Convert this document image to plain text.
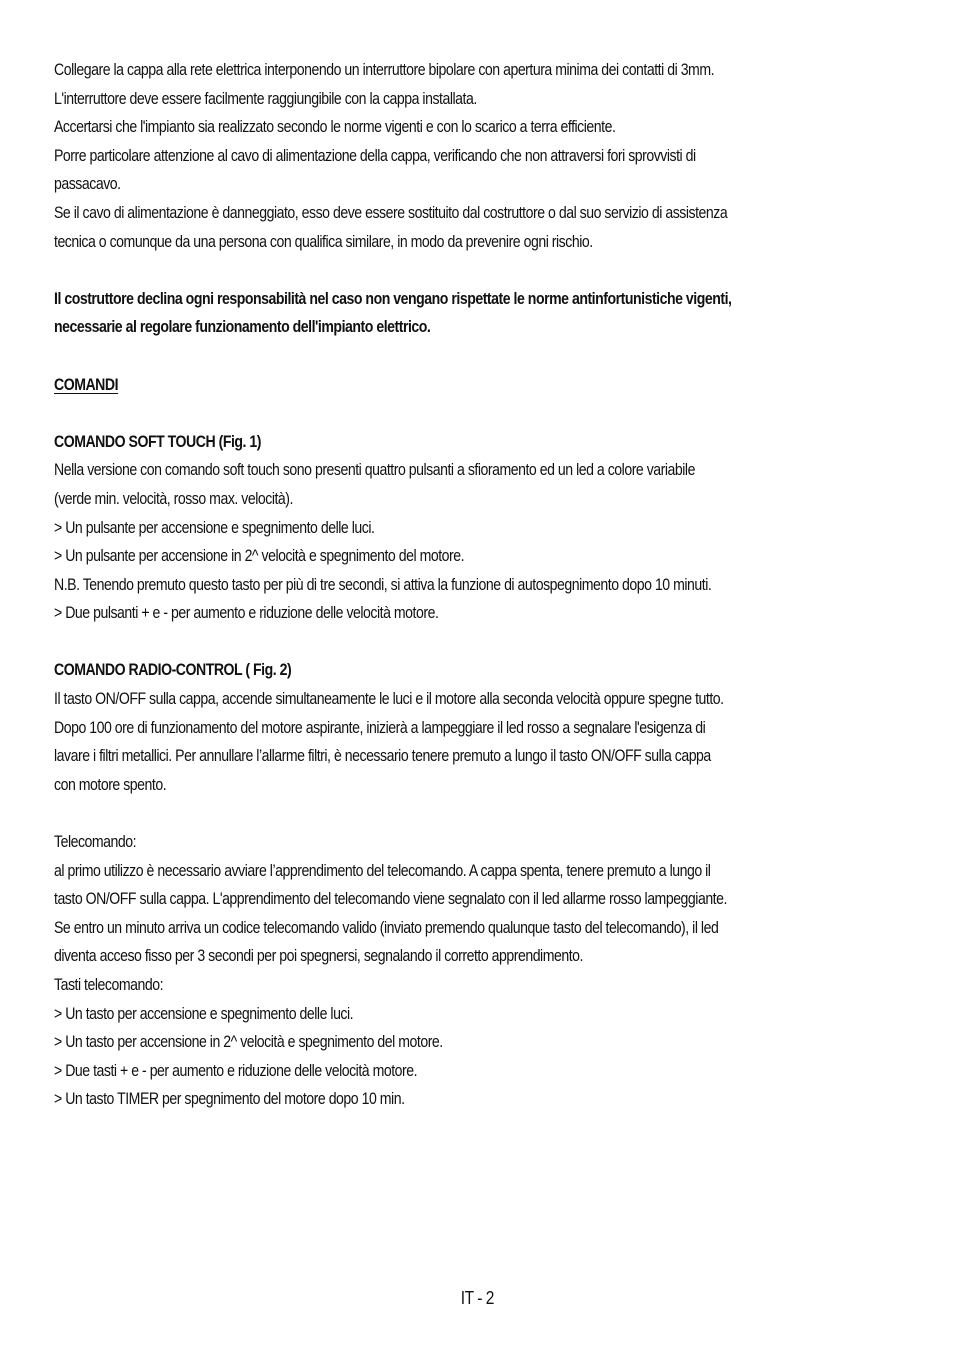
Collegare la cappa alla rete elettrica interponendo un interruttore bipolare con apertura minima dei contatti di 3mm.

L'interruttore deve essere facilmente raggiungibile con la cappa installata.

Accertarsi che l'impianto sia realizzato secondo le norme vigenti e con lo scarico a terra efficiente.

Porre particolare attenzione al cavo di alimentazione della cappa, verificando che non attraversi fori sprovvisti di

passacavo.

Se il cavo di alimentazione è danneggiato, esso deve essere sostituito dal costruttore o dal suo servizio di assistenza

tecnica o comunque da una persona con qualifica similare, in modo da prevenire ogni rischio.

Il costruttore declina ogni responsabilità nel caso non vengano rispettate le norme antinfortunistiche vigenti,

necessarie al regolare funzionamento dell'impianto elettrico.

COMANDI

COMANDO SOFT TOUCH (Fig. 1)

Nella versione con comando soft touch sono presenti quattro pulsanti a sfioramento ed un led a colore variabile

(verde min. velocità, rosso max. velocità).

> Un pulsante per accensione e spegnimento delle luci.

> Un pulsante per accensione in 2^ velocità e spegnimento del motore.

N.B. Tenendo premuto questo tasto per più di tre secondi, si attiva la funzione di autospegnimento dopo 10 minuti.

> Due pulsanti + e - per aumento e riduzione delle velocità motore.

COMANDO RADIO-CONTROL ( Fig. 2)

Il tasto ON/OFF sulla cappa, accende simultaneamente le luci e il motore alla seconda velocità oppure spegne tutto.

Dopo 100 ore di funzionamento del motore aspirante, inizierà a lampeggiare il led rosso a segnalare l'esigenza di

lavare i filtri metallici. Per annullare l’allarme filtri, è necessario tenere premuto a lungo il tasto ON/OFF sulla cappa

con motore spento.

Telecomando:

al primo utilizzo è necessario avviare l’apprendimento del telecomando. A cappa spenta, tenere premuto a lungo il

tasto ON/OFF sulla cappa. L'apprendimento del telecomando viene segnalato con il led allarme rosso lampeggiante.

Se entro un minuto arriva un codice telecomando valido (inviato premendo qualunque tasto del telecomando), il led

diventa acceso fisso per 3 secondi per poi spegnersi, segnalando il corretto apprendimento.

Tasti telecomando:

> Un tasto per accensione e spegnimento delle luci.

> Un tasto per accensione in 2^ velocità e spegnimento del motore.

> Due tasti + e - per aumento e riduzione delle velocità motore.

> Un tasto TIMER per spegnimento del motore dopo 10 min.

IT - 2
